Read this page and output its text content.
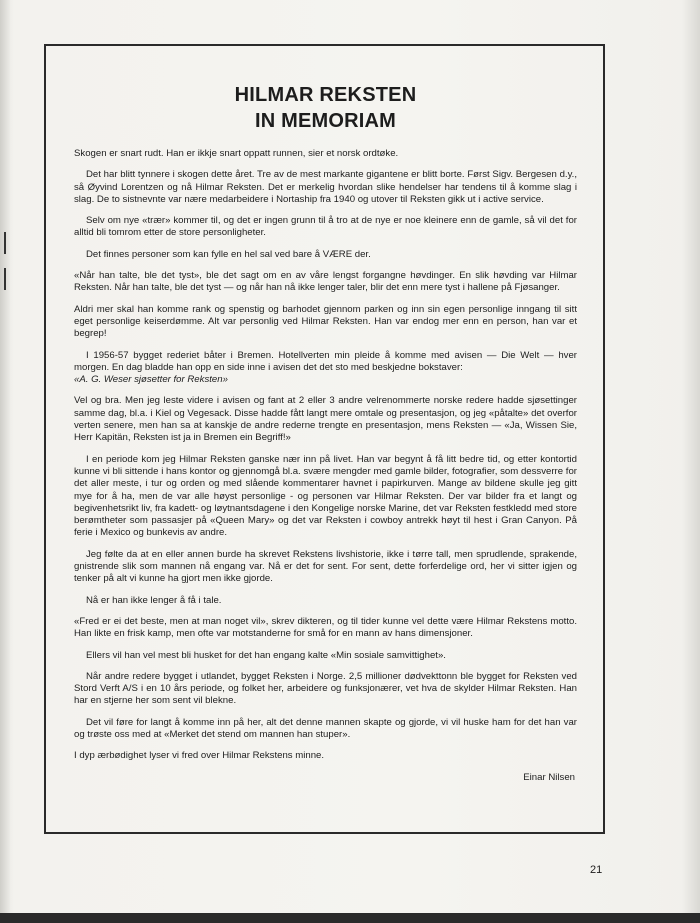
HILMAR REKSTEN
IN MEMORIAM

Skogen er snart rudt. Han er ikkje snart oppatt runnen, sier et norsk ordtøke.

Det har blitt tynnere i skogen dette året. Tre av de mest markante gigantene er blitt borte. Først Sigv. Bergesen d.y., så Øyvind Lorentzen og nå Hilmar Reksten. Det er merkelig hvordan slike hendelser har tendens til å komme slag i slag. De to sistnevnte var nære medarbeidere i Nortaship fra 1940 og utover til Reksten gikk ut i active service.

Selv om nye «trær» kommer til, og det er ingen grunn til å tro at de nye er noe kleinere enn de gamle, så vil det for alltid bli tomrom etter de store personligheter.

Det finnes personer som kan fylle en hel sal ved bare å VÆRE der.

«Når han talte, ble det tyst», ble det sagt om en av våre lengst forgangne høvdinger. En slik høvding var Hilmar Reksten. Når han talte, ble det tyst — og når han nå ikke lenger taler, blir det enn mere tyst i hallene på Fjøsanger.

Aldri mer skal han komme rank og spenstig og barhodet gjennom parken og inn sin egen personlige inngang til sitt eget personlige keiserdømme. Alt var personlig ved Hilmar Reksten. Han var endog mer enn en person, han var et begrep!

I 1956-57 bygget rederiet båter i Bremen. Hotellverten min pleide å komme med avisen — Die Welt — hver morgen. En dag bladde han opp en side inne i avisen det det sto med beskjedne bokstaver:

«A. G. Weser sjøsetter for Reksten»

Vel og bra. Men jeg leste videre i avisen og fant at 2 eller 3 andre velrenommerte norske redere hadde sjøsettinger samme dag, bl.a. i Kiel og Vegesack. Disse hadde fått langt mere omtale og presentasjon, og jeg «påtalte» det overfor verten senere, men han sa at kanskje de andre rederne trengte en presentasjon, mens Reksten — «Ja, Wissen Sie, Herr Kapitän, Reksten ist ja in Bremen ein Begriff!»

I en periode kom jeg Hilmar Reksten ganske nær inn på livet. Han var begynt å få litt bedre tid, og etter kontortid kunne vi bli sittende i hans kontor og gjennomgå bl.a. svære mengder med gamle bilder, fotografier, som dessverre for det aller meste, i tur og orden og med slående kommentarer havnet i papirkurven. Mange av bildene skulle jeg gitt mye for å ha, men de var alle høyst personlige - og personen var Hilmar Reksten. Der var bilder fra et langt og begivenhetsrikt liv, fra kadett- og løytnantsdagene i den Kongelige norske Marine, det var Reksten festkledd med store berømtheter som passasjer på «Queen Mary» og det var Reksten i cowboy antrekk høyt til hest i Gran Canyon. På ferie i Mexico og bunkevis av andre.

Jeg følte da at en eller annen burde ha skrevet Rekstens livshistorie, ikke i tørre tall, men sprudlende, sprakende, gnistrende slik som mannen nå engang var. Nå er det for sent. For sent, dette forferdelige ord, her vi sitter igjen og tenker på alt vi kunne ha gjort men ikke gjorde.

Nå er han ikke lenger å få i tale.

«Fred er ei det beste, men at man noget vil», skrev dikteren, og til tider kunne vel dette være Hilmar Rekstens motto. Han likte en frisk kamp, men ofte var motstanderne for små for en mann av hans dimensjoner.

Ellers vil han vel mest bli husket for det han engang kalte «Min sosiale samvittighet».

Når andre redere bygget i utlandet, bygget Reksten i Norge. 2,5 millioner dødvekttonn ble bygget for Reksten ved Stord Verft A/S i en 10 års periode, og folket her, arbeidere og funksjonærer, vet hva de skylder Hilmar Reksten. Han har en stjerne her som sent vil blekne.

Det vil føre for langt å komme inn på her, alt det denne mannen skapte og gjorde, vi vil huske ham for det han var og trøste oss med at «Merket det stend om mannen han stuper».

I dyp ærbødighet lyser vi fred over Hilmar Rekstens minne.

Einar Nilsen
21
